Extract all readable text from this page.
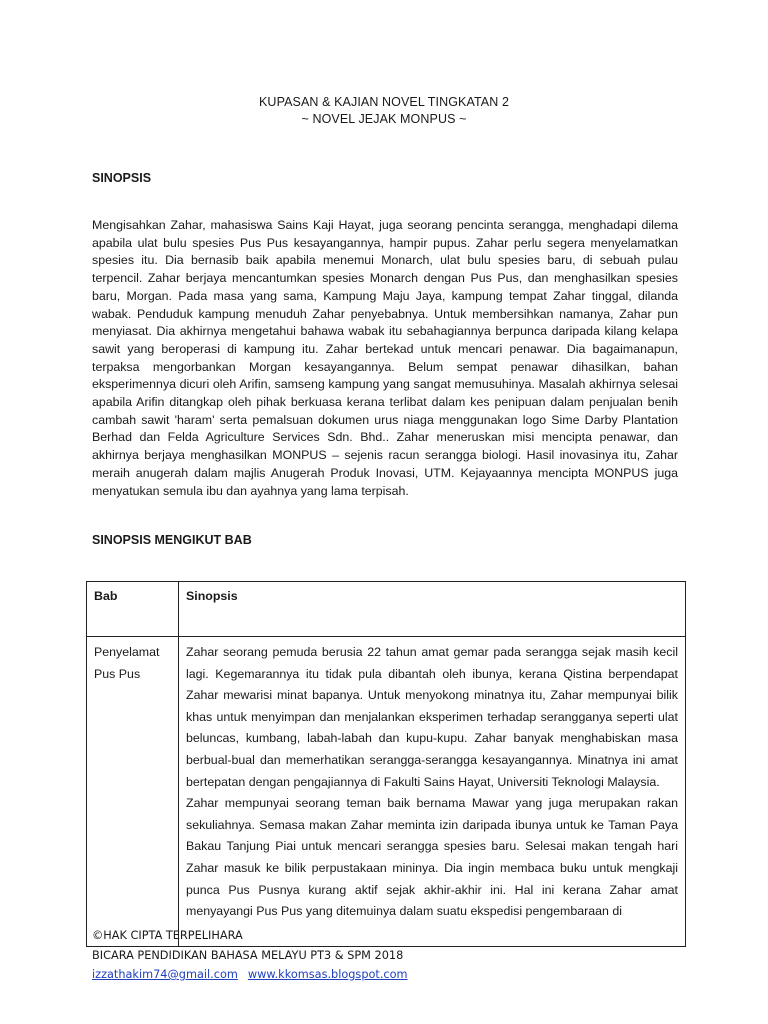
KUPASAN & KAJIAN NOVEL TINGKATAN 2
~ NOVEL JEJAK MONPUS ~
SINOPSIS
Mengisahkan Zahar, mahasiswa Sains Kaji Hayat, juga seorang pencinta serangga, menghadapi dilema apabila ulat bulu spesies Pus Pus kesayangannya, hampir pupus. Zahar perlu segera menyelamatkan spesies itu. Dia bernasib baik apabila menemui Monarch, ulat bulu spesies baru, di sebuah pulau terpencil. Zahar berjaya mencantumkan spesies Monarch dengan Pus Pus, dan menghasilkan spesies baru, Morgan. Pada masa yang sama, Kampung Maju Jaya, kampung tempat Zahar tinggal, dilanda wabak. Penduduk kampung menuduh Zahar penyebabnya. Untuk membersihkan namanya, Zahar pun menyiasat. Dia akhirnya mengetahui bahawa wabak itu sebahagiannya berpunca daripada kilang kelapa sawit yang beroperasi di kampung itu. Zahar bertekad untuk mencari penawar. Dia bagaimanapun, terpaksa mengorbankan Morgan kesayangannya. Belum sempat penawar dihasilkan, bahan eksperimennya dicuri oleh Arifin, samseng kampung yang sangat memusuhinya. Masalah akhirnya selesai apabila Arifin ditangkap oleh pihak berkuasa kerana terlibat dalam kes penipuan dalam penjualan benih cambah sawit 'haram' serta pemalsuan dokumen urus niaga menggunakan logo Sime Darby Plantation Berhad dan Felda Agriculture Services Sdn. Bhd.. Zahar meneruskan misi mencipta penawar, dan akhirnya berjaya menghasilkan MONPUS – sejenis racun serangga biologi. Hasil inovasinya itu, Zahar meraih anugerah dalam majlis Anugerah Produk Inovasi, UTM. Kejayaannya mencipta MONPUS juga menyatukan semula ibu dan ayahnya yang lama terpisah.
SINOPSIS MENGIKUT BAB
Bab	Sinopsis
Penyelamat Pus Pus	Zahar seorang pemuda berusia 22 tahun amat gemar pada serangga sejak masih kecil lagi. Kegemarannya itu tidak pula dibantah oleh ibunya, kerana Qistina berpendapat Zahar mewarisi minat bapanya. Untuk menyokong minatnya itu, Zahar mempunyai bilik khas untuk menyimpan dan menjalankan eksperimen terhadap serangganya seperti ulat beluncas, kumbang, labah-labah dan kupu-kupu. Zahar banyak menghabiskan masa berbual-bual dan memerhatikan serangga-serangga kesayangannya. Minatnya ini amat bertepatan dengan pengajiannya di Fakulti Sains Hayat, Universiti Teknologi Malaysia.
Zahar mempunyai seorang teman baik bernama Mawar yang juga merupakan rakan sekuliahnya. Semasa makan Zahar meminta izin daripada ibunya untuk ke Taman Paya Bakau Tanjung Piai untuk mencari serangga spesies baru. Selesai makan tengah hari Zahar masuk ke bilik perpustakaan mininya. Dia ingin membaca buku untuk mengkaji punca Pus Pusnya kurang aktif sejak akhir-akhir ini. Hal ini kerana Zahar amat menyayangi Pus Pus yang ditemuinya dalam suatu ekspedisi pengembaraan di
©HAK CIPTA TERPELIHARA
BICARA PENDIDIKAN BAHASA MELAYU PT3 & SPM 2018
izzathakim74@gmail.com www.kkomsas.blogspot.com
